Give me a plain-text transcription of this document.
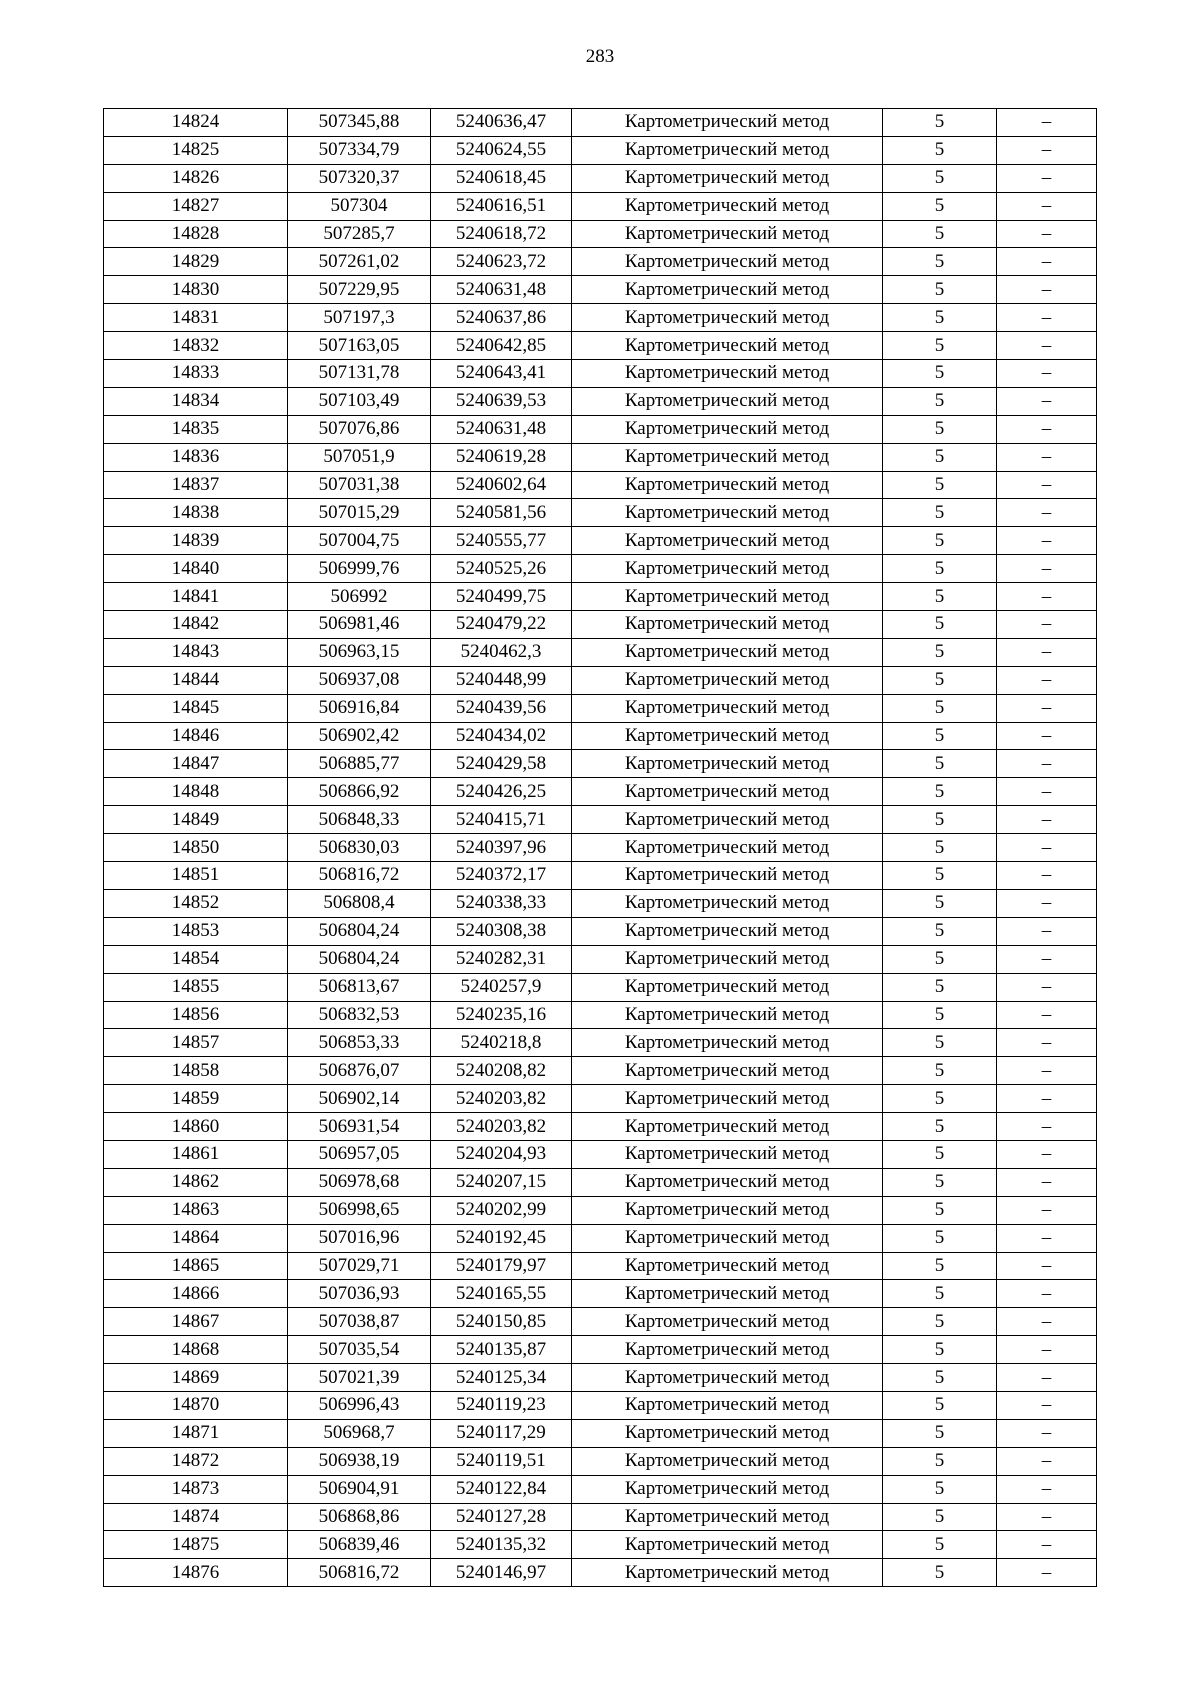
283
14824	507345,88	5240636,47	Картометрический метод	5	–
14825	507334,79	5240624,55	Картометрический метод	5	–
14826	507320,37	5240618,45	Картометрический метод	5	–
14827	507304	5240616,51	Картометрический метод	5	–
14828	507285,7	5240618,72	Картометрический метод	5	–
14829	507261,02	5240623,72	Картометрический метод	5	–
14830	507229,95	5240631,48	Картометрический метод	5	–
14831	507197,3	5240637,86	Картометрический метод	5	–
14832	507163,05	5240642,85	Картометрический метод	5	–
14833	507131,78	5240643,41	Картометрический метод	5	–
14834	507103,49	5240639,53	Картометрический метод	5	–
14835	507076,86	5240631,48	Картометрический метод	5	–
14836	507051,9	5240619,28	Картометрический метод	5	–
14837	507031,38	5240602,64	Картометрический метод	5	–
14838	507015,29	5240581,56	Картометрический метод	5	–
14839	507004,75	5240555,77	Картометрический метод	5	–
14840	506999,76	5240525,26	Картометрический метод	5	–
14841	506992	5240499,75	Картометрический метод	5	–
14842	506981,46	5240479,22	Картометрический метод	5	–
14843	506963,15	5240462,3	Картометрический метод	5	–
14844	506937,08	5240448,99	Картометрический метод	5	–
14845	506916,84	5240439,56	Картометрический метод	5	–
14846	506902,42	5240434,02	Картометрический метод	5	–
14847	506885,77	5240429,58	Картометрический метод	5	–
14848	506866,92	5240426,25	Картометрический метод	5	–
14849	506848,33	5240415,71	Картометрический метод	5	–
14850	506830,03	5240397,96	Картометрический метод	5	–
14851	506816,72	5240372,17	Картометрический метод	5	–
14852	506808,4	5240338,33	Картометрический метод	5	–
14853	506804,24	5240308,38	Картометрический метод	5	–
14854	506804,24	5240282,31	Картометрический метод	5	–
14855	506813,67	5240257,9	Картометрический метод	5	–
14856	506832,53	5240235,16	Картометрический метод	5	–
14857	506853,33	5240218,8	Картометрический метод	5	–
14858	506876,07	5240208,82	Картометрический метод	5	–
14859	506902,14	5240203,82	Картометрический метод	5	–
14860	506931,54	5240203,82	Картометрический метод	5	–
14861	506957,05	5240204,93	Картометрический метод	5	–
14862	506978,68	5240207,15	Картометрический метод	5	–
14863	506998,65	5240202,99	Картометрический метод	5	–
14864	507016,96	5240192,45	Картометрический метод	5	–
14865	507029,71	5240179,97	Картометрический метод	5	–
14866	507036,93	5240165,55	Картометрический метод	5	–
14867	507038,87	5240150,85	Картометрический метод	5	–
14868	507035,54	5240135,87	Картометрический метод	5	–
14869	507021,39	5240125,34	Картометрический метод	5	–
14870	506996,43	5240119,23	Картометрический метод	5	–
14871	506968,7	5240117,29	Картометрический метод	5	–
14872	506938,19	5240119,51	Картометрический метод	5	–
14873	506904,91	5240122,84	Картометрический метод	5	–
14874	506868,86	5240127,28	Картометрический метод	5	–
14875	506839,46	5240135,32	Картометрический метод	5	–
14876	506816,72	5240146,97	Картометрический метод	5	–
